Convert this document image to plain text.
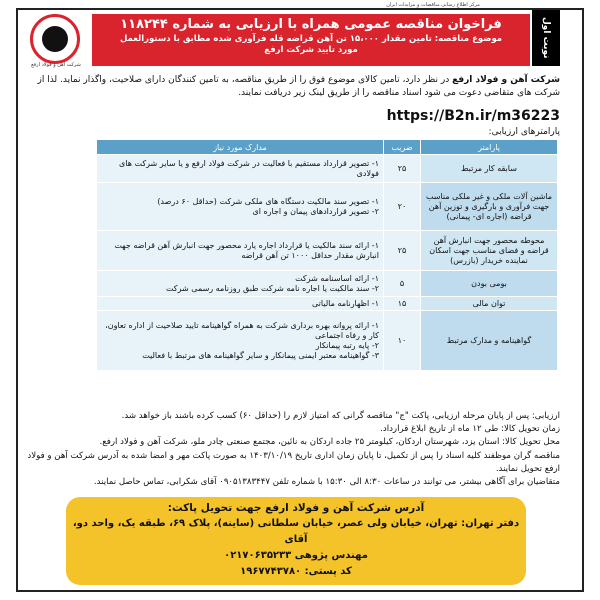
مرکز اطلاع رسانی مناقصات و مزایدات ایران
شرکت آهن و فولاد ارفع
فراخوان مناقصه عمومی همراه با ارزیابی به شماره ۱۱۸۲۴۴
موضوع مناقصه: تامین مقدار ۱۵،۰۰۰ تن آهن قراضه قله فرآوری شده مطابق با دستورالعمل
مورد تایید شرکت ارفع	نوبت اول
شرکت آهن و فولاد ارفع در نظر دارد، تامین کالای موضوع فوق را از طریق مناقصه، به تامین کنندگان دارای صلاحیت، واگذار نماید. لذا از شرکت های متقاضی دعوت می شود اسناد مناقصه را از طریق لینک زیر دریافت نمایند.
https://B2n.ir/m36223
پارامترهای ارزیابی:
پارامتر	ضریب	مدارک مورد نیاز
سابقه کار مرتبط	۲۵	۱- تصویر قرارداد مستقیم با فعالیت در شرکت فولاد ارفع و یا سایر شرکت های فولادی

ماشین آلات ملکی و غیر ملکی مناسب جهت فرآوری و بارگیری و توزین آهن قراضه (اجاره ای- پیمانی)	۲۰	۱- تصویر سند مالکیت دستگاه های ملکی شرکت (حداقل ۶۰ درصد)
۲- تصویر قراردادهای پیمان و اجاره ای

محوطه محصور جهت انبارش آهن قراضه و فضای مناسب جهت اسکان نماینده خریدار (بازرس)	۲۵	۱- ارائه سند مالکیت یا قرارداد اجاره یارد محصور جهت انبارش آهن قراضه جهت انبارش مقدار حداقل ۱۰۰۰ تن آهن قراضه

بومی بودن	۵	۱- ارائه اساسنامه شرکت
۲- سند مالکیت یا اجاره نامه شرکت طبق روزنامه رسمی شرکت

توان مالی	۱۵	۱- اظهارنامه مالیاتی

گواهینامه و مدارک مرتبط	۱۰	۱- ارائه پروانه بهره برداری شرکت به همراه گواهینامه تایید صلاحیت از اداره تعاون، کار و رفاه اجتماعی
۲- پایه رتبه پیمانکار
۳- گواهینامه معتبر ایمنی پیمانکار و سایر گواهینامه های مرتبط با فعالیت
ارزیابی: پس از پایان مرحله ارزیابی، پاکت "ج" مناقصه گرانی که امتیاز لازم را (حداقل ۶۰) کسب کرده باشند باز خواهد شد.
زمان تحویل کالا: طی ۱۲ ماه از تاریخ ابلاغ قرارداد.
محل تحویل کالا: استان یزد، شهرستان اردکان، کیلومتر ۲۵ جاده اردکان به نائین، مجتمع صنعتی چادر ملو، شرکت آهن و فولاد ارفع.
مناقصه گران موظفند کلیه اسناد را پس از تکمیل، تا پایان زمان اداری تاریخ ۱۴۰۳/۱۰/۱۹ به صورت پاکت مهر و امضا شده به آدرس شرکت آهن و فولاد ارفع تحویل نمایند.
متقاضیان برای آگاهی بیشتر، می توانند در ساعات ۸:۳۰ الی ۱۵:۳۰ با شماره تلفن ۰۹۰۵۱۳۸۳۴۴۷ آقای شکرابی، تماس حاصل نمایند.
آدرس شرکت آهن و فولاد ارفع جهت تحویل پاکت:
دفتر تهران: تهران، خیابان ولی عصر، خیابان سلطانی (ساینه)، پلاک ۶۹، طبقه یک، واحد دو، آقای
مهندس پژوهی ۰۲۱۷۰۶۳۵۲۳۳
کد پستی: ۱۹۶۷۷۴۳۷۸۰
